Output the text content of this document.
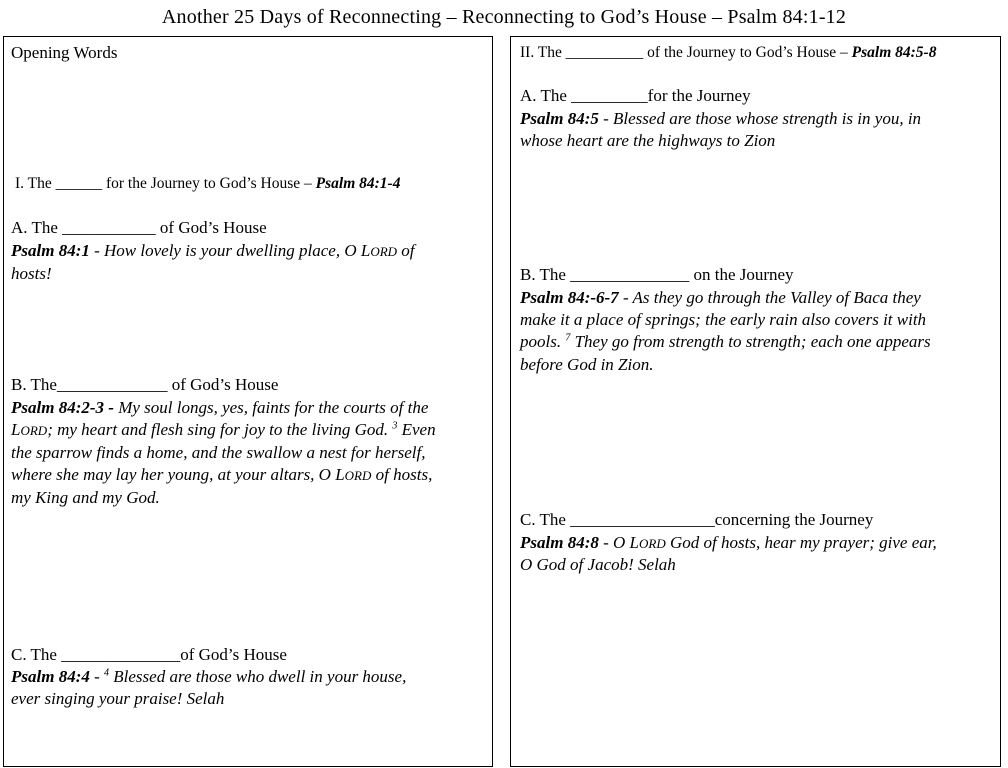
Another 25 Days of Reconnecting – Reconnecting to God’s House – Psalm 84:1-12
Opening Words
I. The ______ for the Journey to God’s House – Psalm 84:1-4
A. The ___________ of God’s House
Psalm 84:1 - How lovely is your dwelling place, O LORD of
hosts!
B. The_____________ of God’s House
Psalm 84:2-3 - My soul longs, yes, faints for the courts of the
LORD; my heart and flesh sing for joy to the living God. $^3$ Even
the sparrow finds a home, and the swallow a nest for herself,
where she may lay her young, at your altars, O LORD of hosts,
my King and my God.
C. The ______________of God’s House
Psalm 84:4 - $^4$ Blessed are those who dwell in your house,
ever singing your praise! Selah
II. The __________ of the Journey to God’s House – Psalm 84:5-8
A. The _________for the Journey
Psalm 84:5 - Blessed are those whose strength is in you, in
whose heart are the highways to Zion
B. The ______________ on the Journey
Psalm 84:-6-7 - As they go through the Valley of Baca they
make it a place of springs; the early rain also covers it with
pools. $^7$ They go from strength to strength; each one appears
before God in Zion.
C. The _________________concerning the Journey
Psalm 84:8 - O LORD God of hosts, hear my prayer; give ear,
O God of Jacob! Selah
